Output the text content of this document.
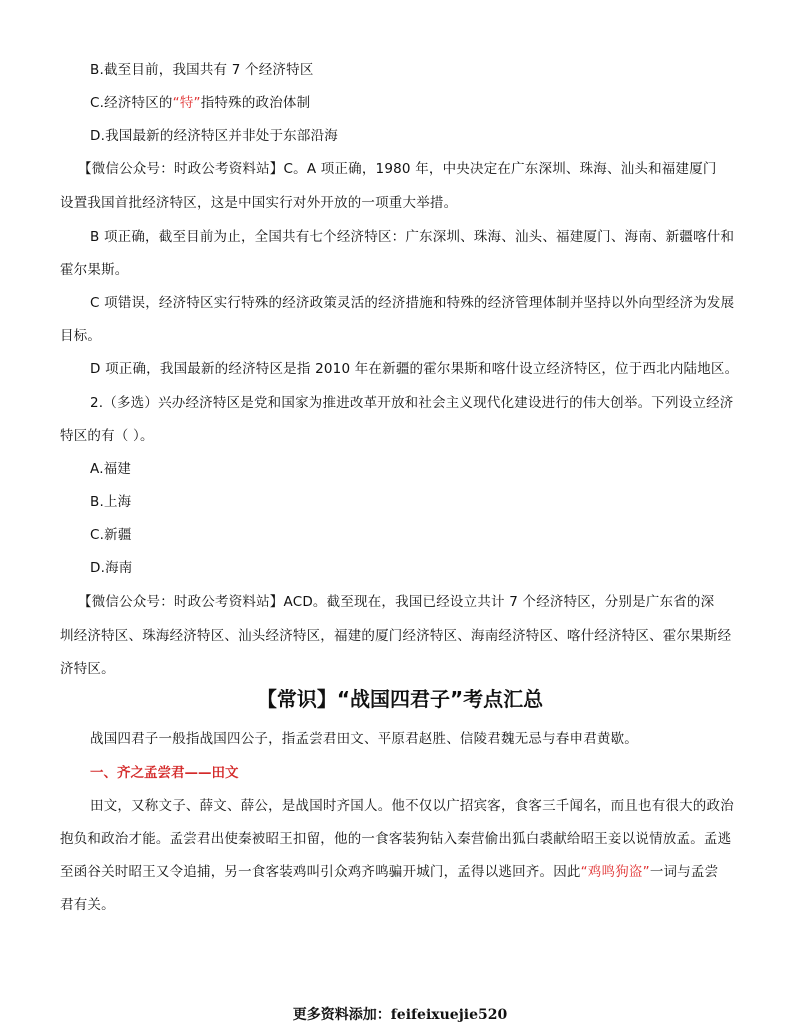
B.截至目前，我国共有 7 个经济特区
C.经济特区的“特”指特殊的政治体制
D.我国最新的经济特区并非处于东部沿海
【微信公众号：时政公考资料站】C。A 项正确，1980 年，中央决定在广东深圳、珠海、汕头和福建厦门
设置我国首批经济特区，这是中国实行对外开放的一项重大举措。
B 项正确，截至目前为止，全国共有七个经济特区：广东深圳、珠海、汕头、福建厦门、海南、新疆喀什和
霍尔果斯。
C 项错误，经济特区实行特殊的经济政策灵活的经济措施和特殊的经济管理体制并坚持以外向型经济为发展
目标。
D 项正确，我国最新的经济特区是指 2010 年在新疆的霍尔果斯和喀什设立经济特区，位于西北内陆地区。
2.（多选）兴办经济特区是党和国家为推进改革开放和社会主义现代化建设进行的伟大创举。下列设立经济
特区的有（ ）。
A.福建
B.上海
C.新疆
D.海南
【微信公众号：时政公考资料站】ACD。截至现在，我国已经设立共计 7 个经济特区，分别是广东省的深
圳经济特区、珠海经济特区、汕头经济特区，福建的厦门经济特区、海南经济特区、喀什经济特区、霍尔果斯经
济特区。
【常识】“战国四君子”考点汇总
战国四君子一般指战国四公子，指孟尝君田文、平原君赵胜、信陵君魏无忌与春申君黄歇。
一、齐之孟尝君——田文
田文，又称文子、薛文、薛公，是战国时齐国人。他不仅以广招宾客，食客三千闻名，而且也有很大的政治
抱负和政治才能。孟尝君出使秦被昭王扣留，他的一食客装狗钻入秦营偷出狐白裘献给昭王妾以说情放孟。孟逃
至函谷关时昭王又令追捕，另一食客装鸡叫引众鸡齐鸣骗开城门，孟得以逃回齐。因此“鸡鸣狗盗”一词与孟尝
君有关。
更多资料添加：feifeixuejie520
